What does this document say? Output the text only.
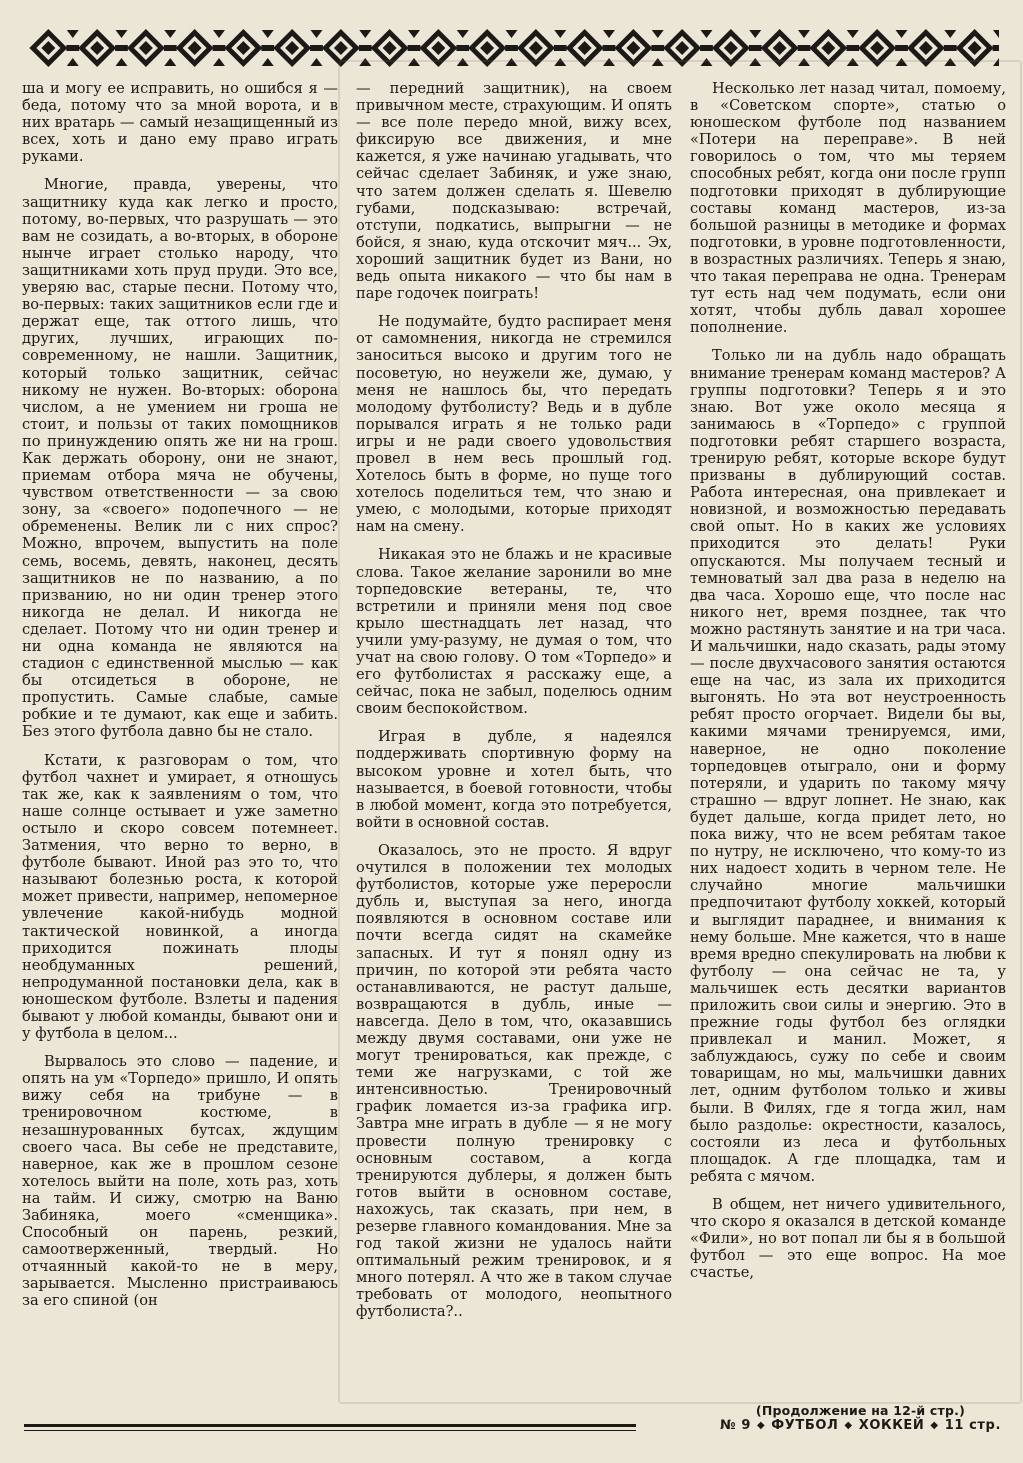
ша и могу ее исправить, но ошибся я — беда, потому что за мной ворота, и в них вратарь — самый незащищенный из всех, хоть и дано ему право играть руками.

Многие, правда, уверены, что защитнику куда как легко и просто, потому, во-первых, что разрушать — это вам не созидать, а во-вторых, в обороне нынче играет столько народу, что защитниками хоть пруд пруди. Это все, уверяю вас, старые песни. Потому что, во-первых: таких защитников если где и держат еще, так оттого лишь, что других, лучших, играющих по-современному, не нашли. Защитник, который только защитник, сейчас никому не нужен. Во-вторых: оборона числом, а не умением ни гроша не стоит, и пользы от таких помощников по принуждению опять же ни на грош. Как держать оборону, они не знают, приемам отбора мяча не обучены, чувством ответственности — за свою зону, за «своего» подопечного — не обременены. Велик ли с них спрос? Можно, впрочем, выпустить на поле семь, восемь, девять, наконец, десять защитников не по названию, а по призванию, но ни один тренер этого никогда не делал. И никогда не сделает. Потому что ни один тренер и ни одна команда не являются на стадион с единственной мыслью — как бы отсидеться в обороне, не пропустить. Самые слабые, самые робкие и те думают, как еще и забить. Без этого футбола давно бы не стало.

Кстати, к разговорам о том, что футбол чахнет и умирает, я отношусь так же, как к заявлениям о том, что наше солнце остывает и уже заметно остыло и скоро совсем потемнеет. Затмения, что верно то верно, в футболе бывают. Иной раз это то, что называют болезнью роста, к которой может привести, например, непомерное увлечение какой-нибудь модной тактической новинкой, а иногда приходится пожинать плоды необдуманных решений, непродуманной постановки дела, как в юношеском футболе. Взлеты и падения бывают у любой команды, бывают они и у футбола в целом...

Вырвалось это слово — падение, и опять на ум «Торпедо» пришло, И опять вижу себя на трибуне — в тренировочном костюме, в незашнурованных бутсах, ждущим своего часа. Вы себе не представите, наверное, как же в прошлом сезоне хотелось выйти на поле, хоть раз, хоть на тайм. И сижу, смотрю на Ваню Забиняка, моего «сменщика». Способный он парень, резкий, самоотверженный, твердый. Но отчаянный какой-то не в меру, зарывается. Мысленно пристраиваюсь за его спиной (он

— передний защитник), на своем привычном месте, страхующим. И опять — все поле передо мной, вижу всех, фиксирую все движения, и мне кажется, я уже начинаю угадывать, что сейчас сделает Забиняк, и уже знаю, что затем должен сделать я. Шевелю губами, подсказываю: встречай, отступи, подкатись, выпрыгни — не бойся, я знаю, куда отскочит мяч... Эх, хороший защитник будет из Вани, но ведь опыта никакого — что бы нам в паре годочек поиграть!

Не подумайте, будто распирает меня от самомнения, никогда не стремился заноситься высоко и другим того не посоветую, но неужели же, думаю, у меня не нашлось бы, что передать молодому футболисту? Ведь и в дубле порывался играть я не только ради игры и не ради своего удовольствия провел в нем весь прошлый год. Хотелось быть в форме, но пуще того хотелось поделиться тем, что знаю и умею, с молодыми, которые приходят нам на смену.

Никакая это не блажь и не красивые слова. Такое желание заронили во мне торпедовские ветераны, те, что встретили и приняли меня под свое крыло шестнадцать лет назад, что учили уму-разуму, не думая о том, что учат на свою голову. О том «Торпедо» и его футболистах я расскажу еще, а сейчас, пока не забыл, поделюсь одним своим беспокойством.

Играя в дубле, я надеялся поддерживать спортивную форму на высоком уровне и хотел быть, что называется, в боевой готовности, чтобы в любой момент, когда это потребуется, войти в основной состав.

Оказалось, это не просто. Я вдруг очутился в положении тех молодых футболистов, которые уже переросли дубль и, выступая за него, иногда появляются в основном составе или почти всегда сидят на скамейке запасных. И тут я понял одну из причин, по которой эти ребята часто останавливаются, не растут дальше, возвращаются в дубль, иные — навсегда. Дело в том, что, оказавшись между двумя составами, они уже не могут тренироваться, как прежде, с теми же нагрузками, с той же интенсивностью. Тренировочный график ломается из-за графика игр. Завтра мне играть в дубле — я не могу провести полную тренировку с основным составом, а когда тренируются дублеры, я должен быть готов выйти в основном составе, нахожусь, так сказать, при нем, в резерве главного командования. Мне за год такой жизни не удалось найти оптимальный режим тренировок, и я много потерял. А что же в таком случае требовать от молодого, неопытного футболиста?..

Несколько лет назад читал, помоему, в «Советском спорте», статью о юношеском футболе под названием «Потери на переправе». В ней говорилось о том, что мы теряем способных ребят, когда они после групп подготовки приходят в дублирующие составы команд мастеров, из-за большой разницы в методике и формах подготовки, в уровне подготовленности, в возрастных различиях. Теперь я знаю, что такая переправа не одна. Тренерам тут есть над чем подумать, если они хотят, чтобы дубль давал хорошее пополнение.

Только ли на дубль надо обращать внимание тренерам команд мастеров? А группы подготовки? Теперь я и это знаю. Вот уже около месяца я занимаюсь в «Торпедо» с группой подготовки ребят старшего возраста, тренирую ребят, которые вскоре будут призваны в дублирующий состав. Работа интересная, она привлекает и новизной, и возможностью передавать свой опыт. Но в каких же условиях приходится это делать! Руки опускаются. Мы получаем тесный и темноватый зал два раза в неделю на два часа. Хорошо еще, что после нас никого нет, время позднее, так что можно растянуть занятие и на три часа. И мальчишки, надо сказать, рады этому — после двухчасового занятия остаются еще на час, из зала их приходится выгонять. Но эта вот неустроенность ребят просто огорчает. Видели бы вы, какими мячами тренируемся, ими, наверное, не одно поколение торпедовцев отыграло, они и форму потеряли, и ударить по такому мячу страшно — вдруг лопнет. Не знаю, как будет дальше, когда придет лето, но пока вижу, что не всем ребятам такое по нутру, не исключено, что кому-то из них надоест ходить в черном теле. Не случайно многие мальчишки предпочитают футболу хоккей, который и выглядит параднее, и внимания к нему больше. Мне кажется, что в наше время вредно спекулировать на любви к футболу — она сейчас не та, у мальчишек есть десятки вариантов приложить свои силы и энергию. Это в прежние годы футбол без оглядки привлекал и манил. Может, я заблуждаюсь, сужу по себе и своим товарищам, но мы, мальчишки давних лет, одним футболом только и живы были. В Филях, где я тогда жил, нам было раздолье: окрестности, казалось, состояли из леса и футбольных площадок. А где площадка, там и ребята с мячом.

В общем, нет ничего удивительного, что скоро я оказался в детской команде «Фили», но вот попал ли бы я в большой футбол — это еще вопрос. На мое счастье,

(Продолжение на 12-й стр.)
№ 9 ◆ ФУТБОЛ ◆ ХОККЕЙ ◆ 11 стр.
